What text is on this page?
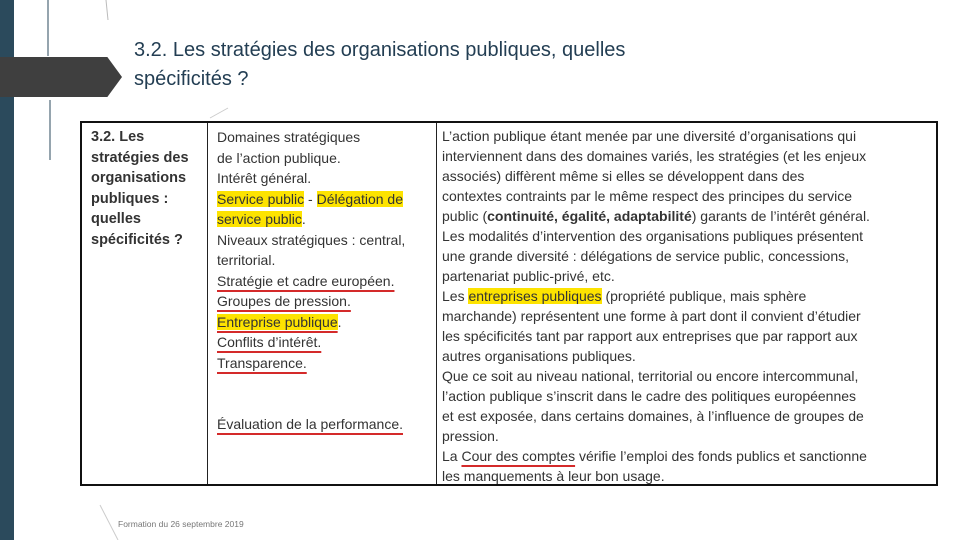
3.2. Les stratégies des organisations publiques, quelles
spécificités ?
3.2. Les
stratégies des
organisations
publiques :
quelles
spécificités ?
Domaines stratégiques
de l’action publique.
Intérêt général.
Service public - Délégation de
service public.
Niveaux stratégiques : central,
territorial.
Stratégie et cadre européen.
Groupes de pression.
Entreprise publique.
Conflits d’intérêt.
Transparence.
Évaluation de la performance.
L’action publique étant menée par une diversité d’organisations qui
interviennent dans des domaines variés, les stratégies (et les enjeux
associés) diffèrent même si elles se développent dans des
contextes contraints par le même respect des principes du service
public (continuité, égalité, adaptabilité) garants de l’intérêt général.
Les modalités d’intervention des organisations publiques présentent
une grande diversité : délégations de service public, concessions,
partenariat public-privé, etc.
Les entreprises publiques (propriété publique, mais sphère
marchande) représentent une forme à part dont il convient d’étudier
les spécificités tant par rapport aux entreprises que par rapport aux
autres organisations publiques.
Que ce soit au niveau national, territorial ou encore intercommunal,
l’action publique s’inscrit dans le cadre des politiques européennes
et est exposée, dans certains domaines, à l’influence de groupes de
pression.
La Cour des comptes vérifie l’emploi des fonds publics et sanctionne
les manquements à leur bon usage.
Formation du 26 septembre 2019
